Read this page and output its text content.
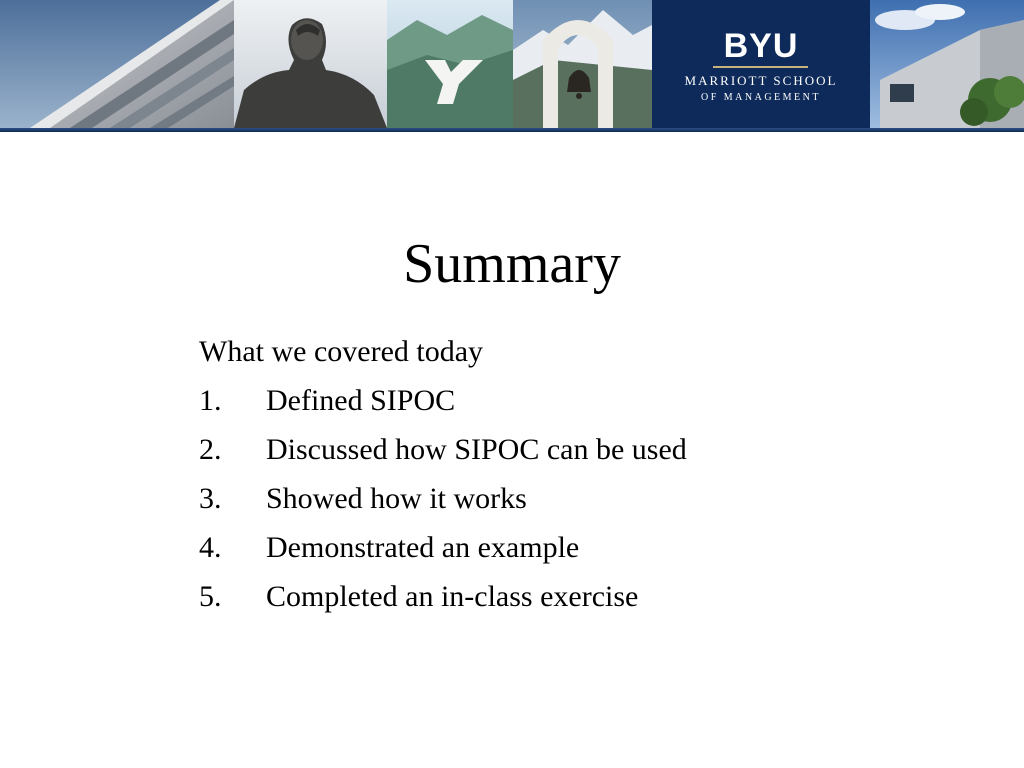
BYU
MARRIOTT SCHOOL
OF MANAGEMENT
Summary
What we covered today
1. Defined SIPOC
2. Discussed how SIPOC can be used
3. Showed how it works
4. Demonstrated an example
5. Completed an in-class exercise
